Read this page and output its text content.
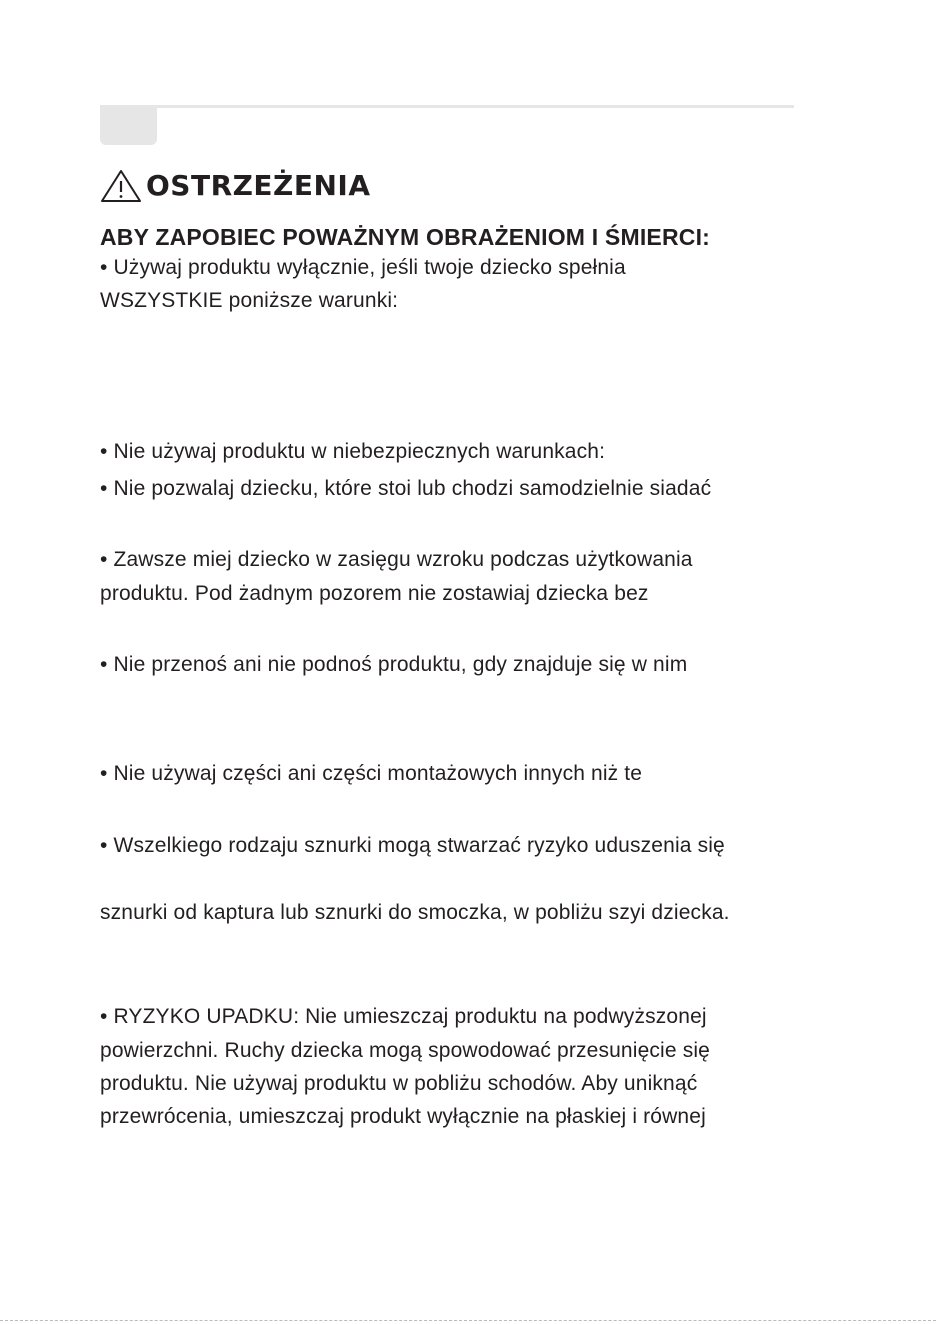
OSTRZEŻENIA
ABY ZAPOBIEC POWAŻNYM OBRAŻENIOM I ŚMIERCI:
• Używaj produktu wyłącznie, jeśli twoje dziecko spełnia
WSZYSTKIE poniższe warunki:
• Nie używaj produktu w niebezpiecznych warunkach:
• Nie pozwalaj dziecku, które stoi lub chodzi samodzielnie siadać
• Zawsze miej dziecko w zasięgu wzroku podczas użytkowania
produktu. Pod żadnym pozorem nie zostawiaj dziecka bez
• Nie przenoś ani nie podnoś produktu, gdy znajduje się w nim
• Nie używaj części ani części montażowych innych niż te
• Wszelkiego rodzaju sznurki mogą stwarzać ryzyko uduszenia się
sznurki od kaptura lub sznurki do smoczka, w pobliżu szyi dziecka.
• RYZYKO UPADKU: Nie umieszczaj produktu na podwyższonej
powierzchni. Ruchy dziecka mogą spowodować przesunięcie się
produktu. Nie używaj produktu w pobliżu schodów. Aby uniknąć
przewrócenia, umieszczaj produkt wyłącznie na płaskiej i równej
